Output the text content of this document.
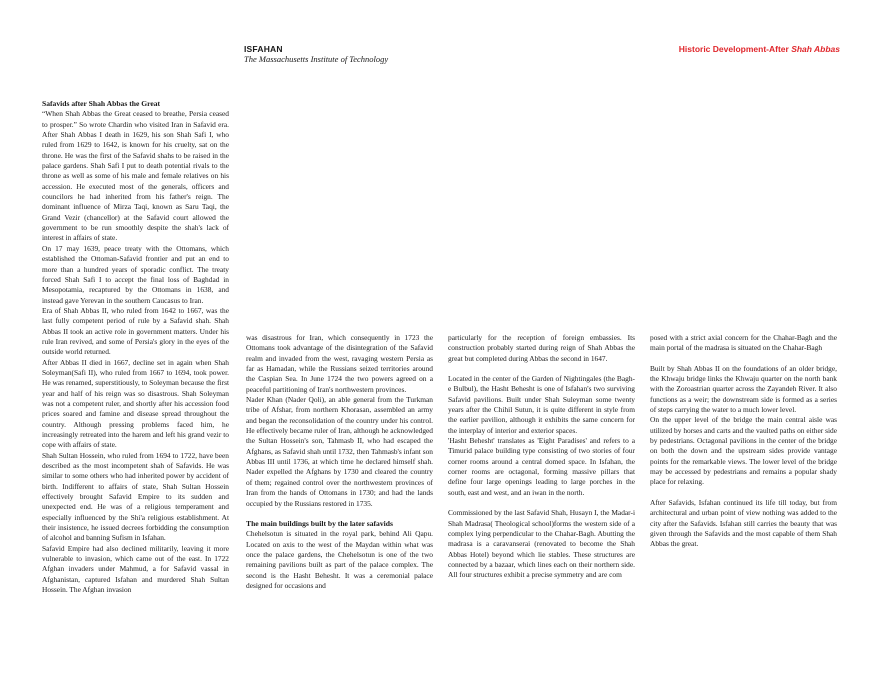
ISFAHAN
The Massachusetts Institute of Technology
Historic Development-After Shah Abbas
Safavids after Shah Abbas the Great

“When Shah Abbas the Great ceased to breathe, Persia ceased to prosper.” So wrote Chardin who visited Iran in Safavid era. After Shah Abbas I death in 1629, his son Shah Safi I, who ruled from 1629 to 1642, is known for his cruelty, sat on the throne. He was the first of the Safavid shahs to be raised in the palace gardens. Shah Safi I put to death potential rivals to the throne as well as some of his male and female relatives on his accession. He executed most of the generals, officers and councilors he had inherited from his father's reign. The dominant influence of Mirza Taqi, known as Saru Taqi, the Grand Vezir (chancellor) at the Safavid court allowed the government to be run smoothly despite the shah's lack of interest in affairs of state.

On 17 may 1639, peace treaty with the Ottomans, which established the Ottoman-Safavid frontier and put an end to more than a hundred years of sporadic conflict. The treaty forced Shah Safi I to accept the final loss of Baghdad in Mesopotamia, recaptured by the Ottomans in 1638, and instead gave Yerevan in the southern Caucasus to Iran.

Era of Shah Abbas II, who ruled from 1642 to 1667, was the last fully competent period of rule by a Safavid shah. Shah Abbas II took an active role in government matters. Under his rule Iran revived, and some of Persia's glory in the eyes of the outside world returned.

After Abbas II died in 1667, decline set in again when Shah Soleyman(Safi II), who ruled from 1667 to 1694, took power. He was renamed, superstitiously, to Soleyman because the first year and half of his reign was so disastrous. Shah Soleyman was not a competent ruler, and shortly after his accession food prices soared and famine and disease spread throughout the country. Although pressing problems faced him, he increasingly retreated into the harem and left his grand vezir to cope with affairs of state.

Shah Sultan Hossein, who ruled from 1694 to 1722, have been described as the most incompetent shah of Safavids. He was similar to some others who had inherited power by accident of birth. Indifferent to affairs of state, Shah Sultan Hossein effectively brought Safavid Empire to its sudden and unexpected end. He was of a religious temperament and especially influenced by the Shi'a religious establishment. At their insistence, he issued decrees forbidding the consumption of alcohol and banning Sufism in Isfahan.

Safavid Empire had also declined militarily, leaving it more vulnerable to invasion, which came out of the east. In 1722 Afghan invaders under Mahmud, a for Safavid vassal in Afghanistan, captured Isfahan and murdered Shah Sultan Hossein. The Afghan invasion

was disastrous for Iran, which consequently in 1723 the Ottomans took advantage of the disintegration of the Safavid realm and invaded from the west, ravaging western Persia as far as Hamadan, while the Russians seized territories around the Caspian Sea. In June 1724 the two powers agreed on a peaceful partitioning of Iran's northwestern provinces.

Nader Khan (Nader Qoli), an able general from the Turkman tribe of Afshar, from northern Khorasan, assembled an army and began the reconsolidation of the country under his control. He effectively became ruler of Iran, although he acknowledged the Sultan Hossein's son, Tahmasb II, who had escaped the Afghans, as Safavid shah until 1732, then Tahmasb's infant son Abbas III until 1736, at which time he declared himself shah. Nader expelled the Afghans by 1730 and cleared the country of them; regained control over the northwestern provinces of Iran from the hands of Ottomans in 1730; and had the lands occupied by the Russians restored in 1735.

The main buildings built by the later safavids

Chehelsotun is situated in the royal park, behind Ali Qapu. Located on axis to the west of the Maydan within what was once the palace gardens, the Chehelsotun is one of the two remaining pavilions built as part of the palace complex. The second is the Hasht Behesht. It was a ceremonial palace designed for occasions and

particularly for the reception of foreign embassies. Its construction probably started during reign of Shah Abbas the great but completed during Abbas the second in 1647.

Located in the center of the Garden of Nightingales (the Bagh-e Bulbul), the Hasht Behesht is one of Isfahan's two surviving Safavid pavilions. Built under Shah Suleyman some twenty years after the Chihil Sutun, it is quite different in style from the earlier pavilion, although it exhibits the same concern for the interplay of interior and exterior spaces.

'Hasht Behesht' translates as 'Eight Paradises' and refers to a Timurid palace building type consisting of two stories of four corner rooms around a central domed space. In Isfahan, the corner rooms are octagonal, forming massive pillars that define four large openings leading to large porches in the south, east and west, and an iwan in the north.

Commissioned by the last Safavid Shah, Husayn I, the Madar-i Shah Madrasa( Theological school)forms the western side of a complex lying perpendicular to the Chahar-Bagh. Abutting the madrasa is a caravanserai (renovated to become the Shah Abbas Hotel) beyond which lie stables. These structures are connected by a bazaar, which lines each on their northern side. All four structures exhibit a precise symmetry and are com

posed with a strict axial concern for the Chahar-Bagh and the main portal of the madrasa is situated on the Chahar-Bagh

Built by Shah Abbas II on the foundations of an older bridge, the Khwaju bridge links the Khwaju quarter on the north bank with the Zoroastrian quarter across the Zayandeh River. It also functions as a weir; the downstream side is formed as a series of steps carrying the water to a much lower level.

On the upper level of the bridge the main central aisle was utilized by horses and carts and the vaulted paths on either side by pedestrians. Octagonal pavilions in the center of the bridge on both the down and the upstream sides provide vantage points for the remarkable views. The lower level of the bridge may be accessed by pedestrians and remains a popular shady place for relaxing.

After Safavids, Isfahan continued its life till today, but from architectural and urban point of view nothing was added to the city after the Safavids. Isfahan still carries the beauty that was given through the Safavids and the most capable of them Shah Abbas the great.
